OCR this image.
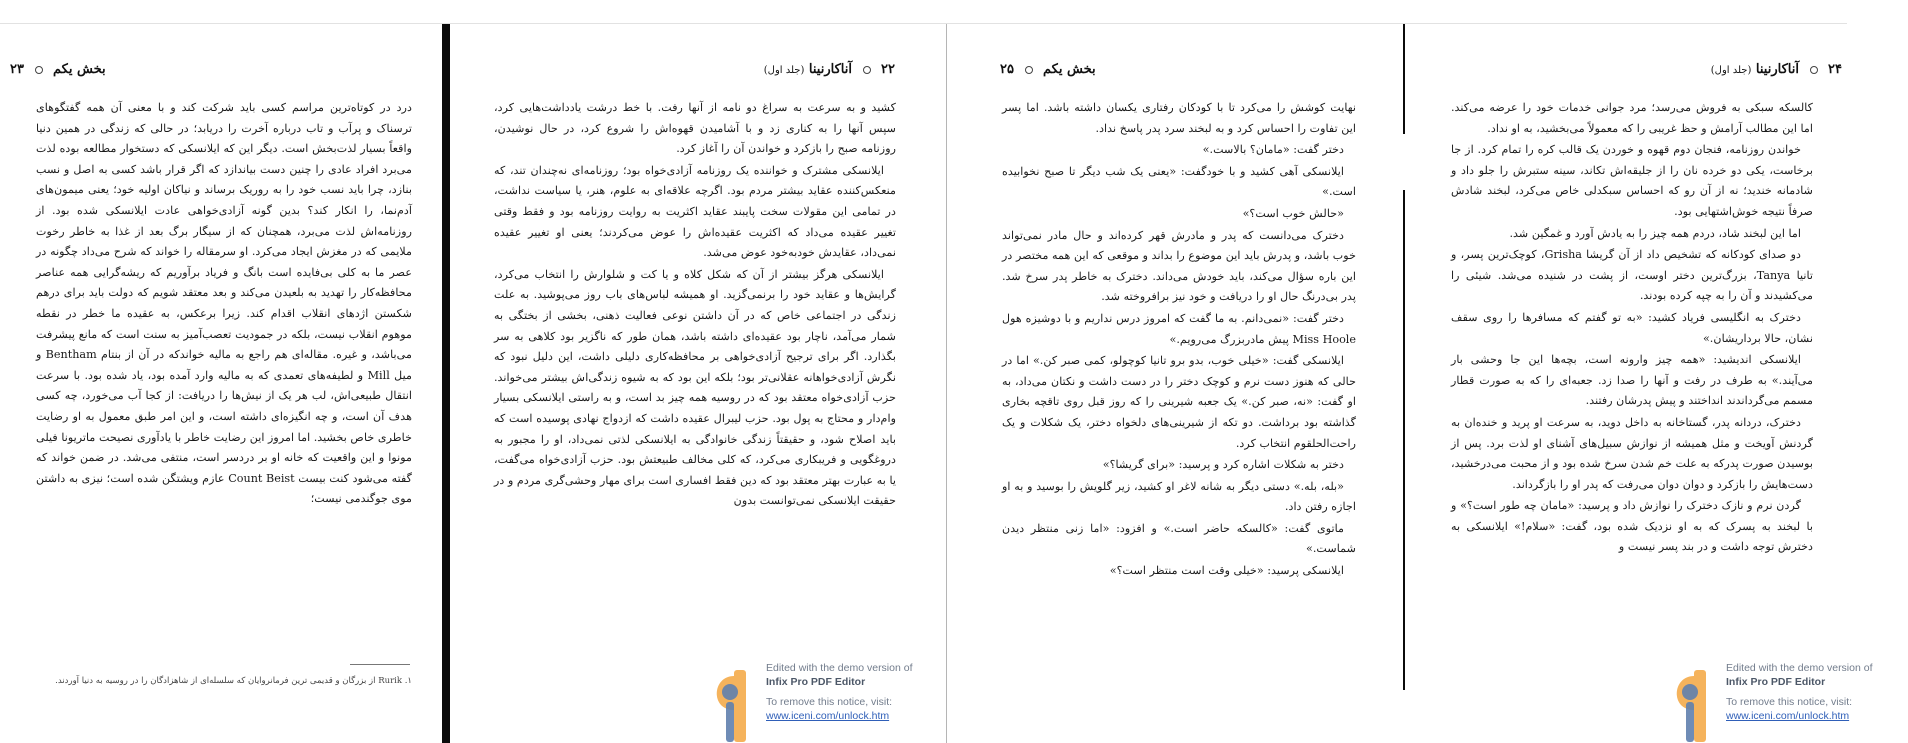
۲۳ بخش یکم

درد در کوتاه‌ترین مراسم کسی باید شرکت کند و با معنی آن همه گفتگوهای ترسناک و پرآب و تاب درباره آخرت را دریابد؛ در حالی که زندگی در همین دنیا واقعاً بسیار لذت‌بخش است. دیگر این که ایلانسکی که دستخوار مطالعه بوده لذت می‌برد افراد عادی را چنین دست بیاندازد که اگر قرار باشد کسی به اصل و نسب بنازد، چرا باید نسب خود را به روریک برساند و نیاکان اولیه خود؛ یعنی میمون‌های آدم‌نما، را انکار کند؟ بدین گونه آزادی‌خواهی عادت ایلانسکی شده بود. از روزنامه‌اش لذت می‌برد، همچنان که از سیگار برگ بعد از غذا به خاطر رخوت ملایمی که در مغزش ایجاد می‌کرد. او سرمقاله را خواند که شرح می‌داد چگونه در عصر ما به کلی بی‌فایده است بانگ و فریاد برآوریم که ریشه‌گرایی همه عناصر محافظه‌کار را تهدید به بلعیدن می‌کند و بعد معتقد شویم که دولت باید برای درهم شکستن اژدهای انقلاب اقدام کند. زیرا برعکس، به عقیده ما خطر در نقطه موهوم انقلاب نیست، بلکه در جمودیت تعصب‌آمیز به سنت است که مانع پیشرفت می‌باشد، و غیره. مقاله‌ای هم راجع به مالیه خواندکه در آن از بنتام Bentham و میل Mill و لطیفه‌های تعمدی که به مالیه وارد آمده بود، یاد شده بود. با سرعت انتقال طبیعی‌اش، لب هر یک از نیش‌ها را دریافت: از کجا آب می‌خورد، چه کسی هدف آن است، و چه انگیزه‌ای داشته است، و این امر طبق معمول به او رضایت خاطری خاص بخشید. اما امروز این رضایت خاطر با یادآوری نصیحت ماتریونا فیلی مونوا و این واقعیت که خانه او بر دردسر است، منتفی می‌شد. در ضمن خواند که گفته می‌شود کنت بیست Count Beist عازم ویشتگن شده است؛ نیزی به داشتن موی جوگندمی نیست؛

۱. Rurik از بزرگان و قدیمی ترین فرمانروایان که سلسله‌ای از شاهزادگان را در روسیه به دنیا آوردند.
۲۲  آناکارنینا (جلد اول)

کشید و به سرعت به سراغ دو نامه از آنها رفت. با خط درشت یادداشت‌هایی کرد، سپس آنها را به کناری زد و با آشامیدن قهوه‌اش را شروع کرد، در حال نوشیدن، روزنامه صبح را بازکرد و خواندن آن را آغاز کرد.

ایلانسکی مشترک و خواننده یک روزنامه آزادی‌خواه بود؛ روزنامه‌ای نه‌چندان تند، که منعکس‌کننده عقاید بیشتر مردم بود. اگرچه علاقه‌ای به علوم، هنر، یا سیاست نداشت، در تمامی این مقولات سخت پایبند عقاید اکثریت به روایت روزنامه بود و فقط وقتی تغییر عقیده می‌داد که اکثریت عقیده‌اش را عوض می‌کردند؛ یعنی او تغییر عقیده نمی‌داد، عقایدش خودبه‌خود عوض می‌شد.

ایلانسکی هرگز بیشتر از آن که شکل کلاه و یا کت و شلوارش را انتخاب می‌کرد، گرایش‌ها و عقاید خود را برنمی‌گزید. او همیشه لباس‌های باب روز می‌پوشید. به علت زندگی در اجتماعی خاص که در آن داشتن نوعی فعالیت ذهنی، بخشی از بختگی به شمار می‌آمد، ناچار بود عقیده‌ای داشته باشد، همان طور که ناگزیر بود کلاهی به سر بگذارد. اگر برای ترجیح آزادی‌خواهی بر محافظه‌کاری دلیلی داشت، این دلیل نبود که نگرش آزادی‌خواهانه عقلانی‌تر بود؛ بلکه این بود که به شیوه زندگی‌اش بیشتر می‌خواند. حزب آزادی‌خواه معتقد بود که در روسیه همه چیز بد است، و به راستی ایلانسکی بسیار وام‌دار و محتاج به پول بود. حزب لیبرال عقیده داشت که ازدواج نهادی پوسیده است که باید اصلاح شود، و حقیقتاً زندگی خانوادگی به ایلانسکی لذتی نمی‌داد، او را مجبور به دروغگویی و فریبکاری می‌کرد، که کلی مخالف طبیعتش بود. حزب آزادی‌خواه می‌گفت، یا به عبارت بهتر معتقد بود که دین فقط افساری است برای مهار وحشی‌گری مردم و در حقیقت ایلانسکی نمی‌توانست بدون

۲۵ بخش یکم

نهایت کوشش را می‌کرد تا با کودکان رفتاری یکسان داشته باشد. اما پسر این تفاوت را احساس کرد و به لبخند سرد پدر پاسخ نداد.

دختر گفت: «مامان؟ بالاست.»

ایلانسکی آهی کشید و با خودگفت: «یعنی یک شب دیگر تا صبح نخوابیده است.»

«حالش خوب است؟»

دخترک می‌دانست که پدر و مادرش قهر کرده‌اند و حال مادر نمی‌تواند خوب باشد، و پدرش باید این موضوع را بداند و موقعی که این همه مختصر در این باره سؤال می‌کند، باید خودش می‌داند. دخترک به خاطر پدر سرخ شد. پدر بی‌درنگ حال او را دریافت و خود نیز برافروخته شد.

دختر گفت: «نمی‌دانم. به ما گفت که امروز درس نداریم و با دوشیزه هول Miss Hoole پیش مادربزرگ می‌رویم.»

ایلانسکی گفت: «خیلی خوب، بدو برو تانیا کوچولو، کمی صبر کن.» اما در حالی که هنوز دست نرم و کوچک دختر را در دست داشت و نکتان می‌داد، به او گفت: «نه، صبر کن.» یک جعبه شیرینی را که روز قبل روی تاقچه بخاری گذاشته بود برداشت. دو تکه از شیرینی‌های دلخواه دختر، یک شکلات و یک راحت‌الحلقوم انتخاب کرد.

دختر به شکلات اشاره کرد و پرسید: «برای گریشا؟»

«بله، بله.» دستی دیگر به شانه لاغر او کشید، زیر گلویش را بوسید و به او اجازه رفتن داد.

ماتوی گفت: «کالسکه حاضر است.» و افزود: «اما زنی منتظر دیدن شماست.»

ایلانسکی پرسید: «خیلی وقت است منتظر است؟»

۲۴  آناکارنینا (جلد اول)

کالسکه سبکی به فروش می‌رسد؛ مرد جوانی خدمات خود را عرضه می‌کند. اما این مطالب آرامش و حظ غریبی را که معمولاً می‌بخشید، به او نداد.

خواندن روزنامه، فنجان دوم قهوه و خوردن یک قالب کره را تمام کرد. از جا برخاست، یکی دو خرده نان را از جلیقه‌اش تکاند، سینه ستبرش را جلو داد و شادمانه خندید؛ نه از آن رو که احساس سبکدلی خاص می‌کرد، لبخند شادش صرفاً نتیجه خوش‌اشتهایی بود.

اما این لبخند شاد، دردم همه چیز را به یادش آورد و غمگین شد.

دو صدای کودکانه که تشخیص داد از آن گریشا Grisha، کوچک‌ترین پسر، و تانیا Tanya، بزرگ‌ترین دختر اوست، از پشت در شنیده می‌شد. شیئی را می‌کشیدند و آن را به چپه کرده بودند.

دخترک به انگلیسی فریاد کشید: «به تو گفتم که مسافرها را روی سقف نشان، حالا برداریشان.»

ایلانسکی اندیشید: «همه چیز وارونه است، بچه‌ها این جا وحشی بار می‌آیند.» به طرف در رفت و آنها را صدا زد. جعبه‌ای را که به صورت قطار مسمم می‌گرداندند انداختند و پیش پدرشان رفتند.

دخترک، دردانه پدر، گستاخانه به داخل دوید، به سرعت او پرید و خنده‌ان به گردنش آویخت و مثل همیشه از نوازش سبیل‌های آشنای او لذت برد. پس از بوسیدن صورت پدرکه به علت خم شدن سرخ شده بود و از محبت می‌درخشید، دست‌هایش را بازکرد و دوان دوان می‌رفت که پدر او را بازگرداند.

گردن نرم و نازک دخترک را نوازش داد و پرسید: «مامان چه طور است؟» و با لبخند به پسرک که به او نزدیک شده بود، گفت: «سلام!» ایلانسکی به دخترش توجه داشت و در بند پسر نیست و

Edited with the demo version of
Infix Pro PDF Editor
To remove this notice, visit:
www.iceni.com/unlock.htm
Edited with the demo version of
Infix Pro PDF Editor
To remove this notice, visit:
www.iceni.com/unlock.htm
